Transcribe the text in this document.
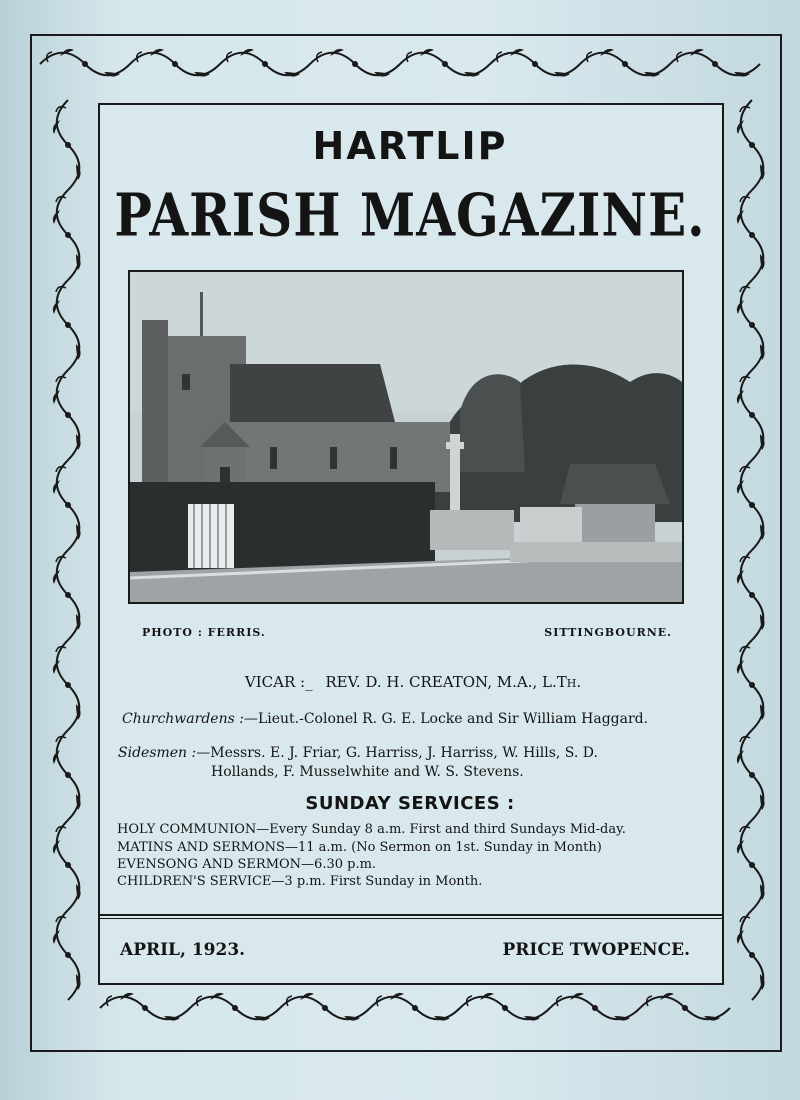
HARTLIP
PARISH MAGAZINE.
PHOTO : FERRIS.	SITTINGBOURNE.
VICAR :_ REV. D. H. CREATON, M.A., L.Th.
Churchwardens :—Lieut.-Colonel R. G. E. Locke and Sir William Haggard.
Sidesmen :—Messrs. E. J. Friar, G. Harriss, J. Harriss, W. Hills, S. D.
Hollands, F. Musselwhite and W. S. Stevens.
SUNDAY SERVICES :
HOLY COMMUNION—Every Sunday 8 a.m. First and third Sundays Mid-day.
MATINS AND SERMONS—11 a.m. (No Sermon on 1st. Sunday in Month)
EVENSONG AND SERMON—6.30 p.m.
CHILDREN'S SERVICE—3 p.m. First Sunday in Month.
APRIL, 1923.	PRICE TWOPENCE.
